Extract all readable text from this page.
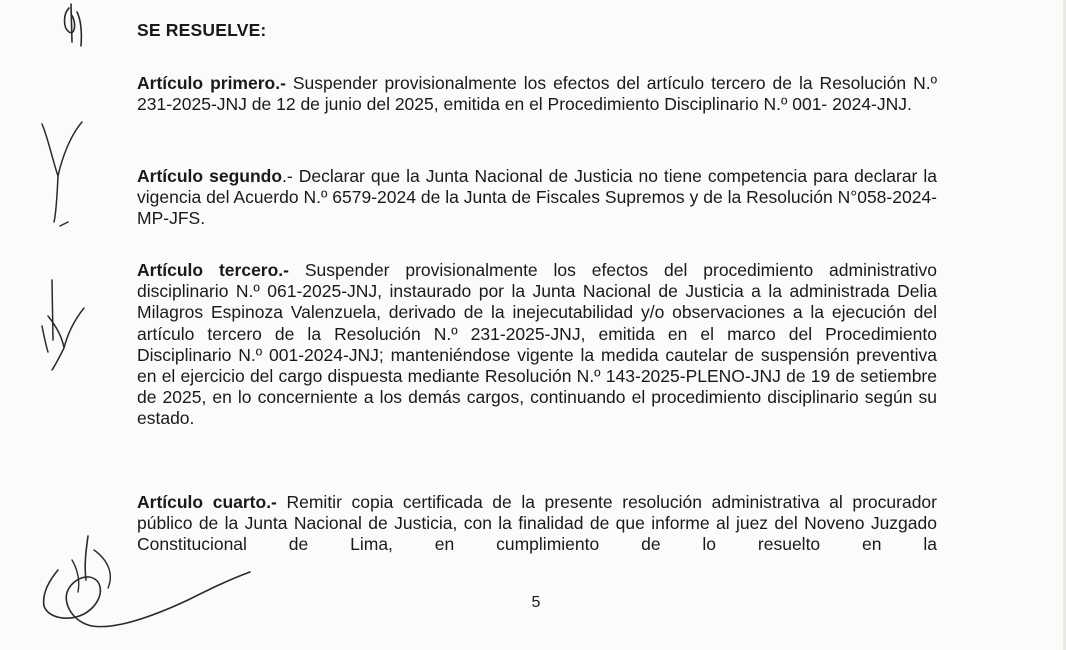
SE RESUELVE:
Artículo primero.- Suspender provisionalmente los efectos del artículo tercero de la Resolución N.º 231-2025-JNJ de 12 de junio del 2025, emitida en el Procedimiento Disciplinario N.º 001- 2024-JNJ.
Artículo segundo.- Declarar que la Junta Nacional de Justicia no tiene competencia para declarar la vigencia del Acuerdo N.º 6579-2024 de la Junta de Fiscales Supremos y de la Resolución N°058-2024-MP-JFS.
Artículo tercero.- Suspender provisionalmente los efectos del procedimiento administrativo disciplinario N.º 061-2025-JNJ, instaurado por la Junta Nacional de Justicia a la administrada Delia Milagros Espinoza Valenzuela, derivado de la inejecutabilidad y/o observaciones a la ejecución del artículo tercero de la Resolución N.º 231-2025-JNJ, emitida en el marco del Procedimiento Disciplinario N.º 001-2024-JNJ; manteniéndose vigente la medida cautelar de suspensión preventiva en el ejercicio del cargo dispuesta mediante Resolución N.º 143-2025-PLENO-JNJ de 19 de setiembre de 2025, en lo concerniente a los demás cargos, continuando el procedimiento disciplinario según su estado.
Artículo cuarto.- Remitir copia certificada de la presente resolución administrativa al procurador público de la Junta Nacional de Justicia, con la finalidad de que informe al juez del Noveno Juzgado Constitucional de Lima, en cumplimiento de lo resuelto en la
5
